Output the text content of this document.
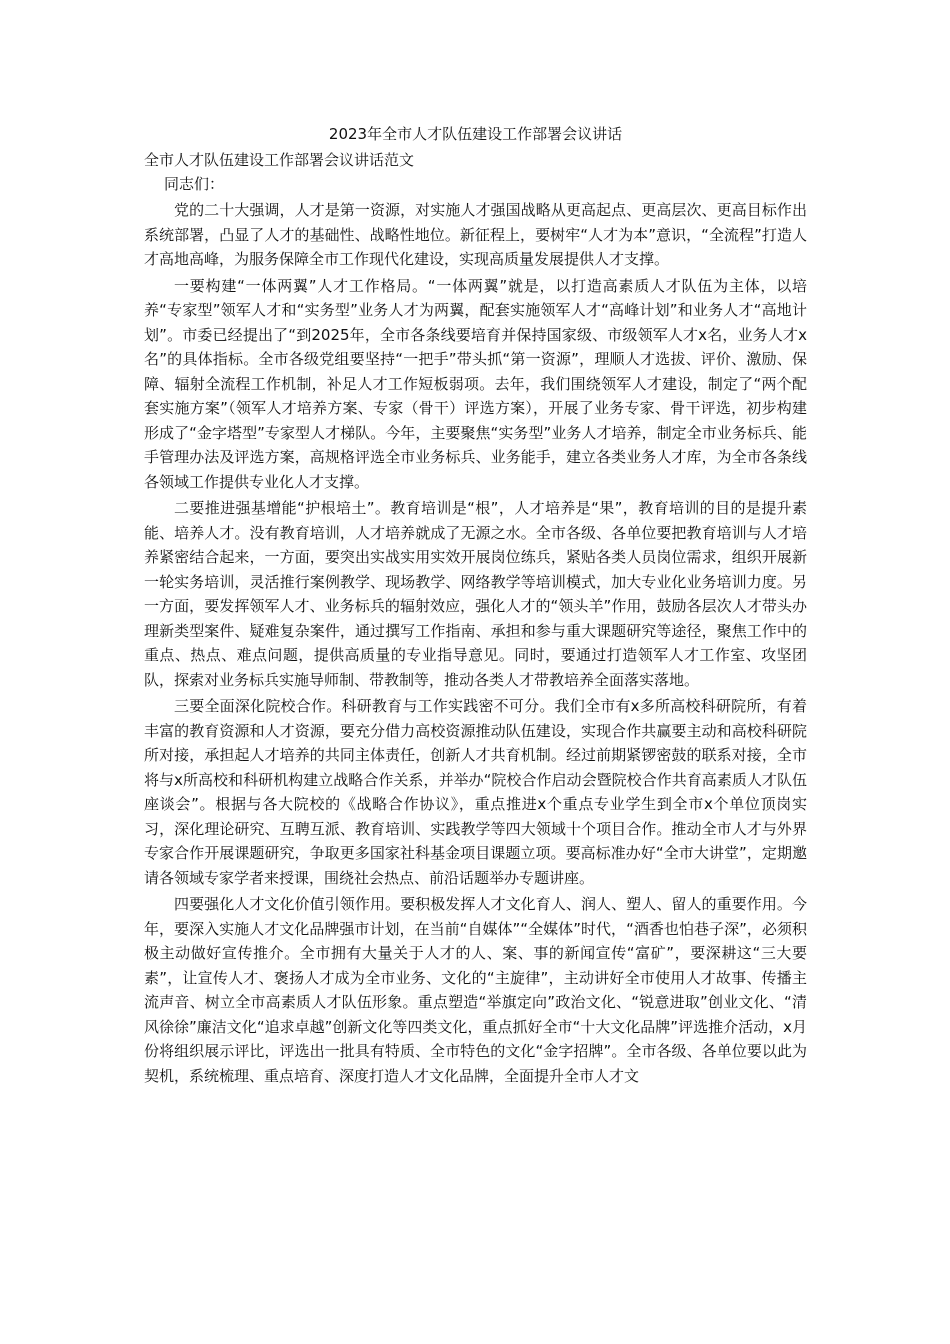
2023年全市人才队伍建设工作部署会议讲话
全市人才队伍建设工作部署会议讲话范文
同志们：

党的二十大强调，人才是第一资源，对实施人才强国战略从更高起点、更高层次、更高目标作出系统部署，凸显了人才的基础性、战略性地位。新征程上，要树牢“人才为本”意识，“全流程”打造人才高地高峰，为服务保障全市工作现代化建设，实现高质量发展提供人才支撑。

一要构建“一体两翼”人才工作格局。“一体两翼”就是，以打造高素质人才队伍为主体，以培养“专家型”领军人才和“实务型”业务人才为两翼，配套实施领军人才“高峰计划”和业务人才“高地计划”。市委已经提出了“到2025年，全市各条线要培育并保持国家级、市级领军人才x名，业务人才x名”的具体指标。全市各级党组要坚持“一把手”带头抓“第一资源”，理顺人才选拔、评价、激励、保障、辐射全流程工作机制，补足人才工作短板弱项。去年，我们围绕领军人才建设，制定了“两个配套实施方案”（领军人才培养方案、专家（骨干）评选方案），开展了业务专家、骨干评选，初步构建形成了“金字塔型”专家型人才梯队。今年，主要聚焦“实务型”业务人才培养，制定全市业务标兵、能手管理办法及评选方案，高规格评选全市业务标兵、业务能手，建立各类业务人才库，为全市各条线各领域工作提供专业化人才支撑。

二要推进强基增能“护根培土”。教育培训是“根”，人才培养是“果”，教育培训的目的是提升素能、培养人才。没有教育培训，人才培养就成了无源之水。全市各级、各单位要把教育培训与人才培养紧密结合起来，一方面，要突出实战实用实效开展岗位练兵，紧贴各类人员岗位需求，组织开展新一轮实务培训，灵活推行案例教学、现场教学、网络教学等培训模式，加大专业化业务培训力度。另一方面，要发挥领军人才、业务标兵的辐射效应，强化人才的“领头羊”作用，鼓励各层次人才带头办理新类型案件、疑难复杂案件，通过撰写工作指南、承担和参与重大课题研究等途径，聚焦工作中的重点、热点、难点问题，提供高质量的专业指导意见。同时，要通过打造领军人才工作室、攻坚团队，探索对业务标兵实施导师制、带教制等，推动各类人才带教培养全面落实落地。

三要全面深化院校合作。科研教育与工作实践密不可分。我们全市有x多所高校科研院所，有着丰富的教育资源和人才资源，要充分借力高校资源推动队伍建设，实现合作共赢要主动和高校科研院所对接，承担起人才培养的共同主体责任，创新人才共育机制。经过前期紧锣密鼓的联系对接，全市将与x所高校和科研机构建立战略合作关系，并举办“院校合作启动会暨院校合作共育高素质人才队伍座谈会”。根据与各大院校的《战略合作协议》，重点推进x个重点专业学生到全市x个单位顶岗实习，深化理论研究、互聘互派、教育培训、实践教学等四大领域十个项目合作。推动全市人才与外界专家合作开展课题研究，争取更多国家社科基金项目课题立项。要高标准办好“全市大讲堂”，定期邀请各领域专家学者来授课，围绕社会热点、前沿话题举办专题讲座。

四要强化人才文化价值引领作用。要积极发挥人才文化育人、润人、塑人、留人的重要作用。今年，要深入实施人才文化品牌强市计划，在当前“自媒体”“全媒体”时代，“酒香也怕巷子深”，必须积极主动做好宣传推介。全市拥有大量关于人才的人、案、事的新闻宣传“富矿”，要深耕这“三大要素”，让宣传人才、褒扬人才成为全市业务、文化的“主旋律”，主动讲好全市使用人才故事、传播主流声音、树立全市高素质人才队伍形象。重点塑造“举旗定向”政治文化、“锐意进取”创业文化、“清风徐徐”廉洁文化“追求卓越”创新文化等四类文化，重点抓好全市“十大文化品牌”评选推介活动，x月份将组织展示评比，评选出一批具有特质、全市特色的文化“金字招牌”。全市各级、各单位要以此为契机，系统梳理、重点培育、深度打造人才文化品牌，全面提升全市人才文
